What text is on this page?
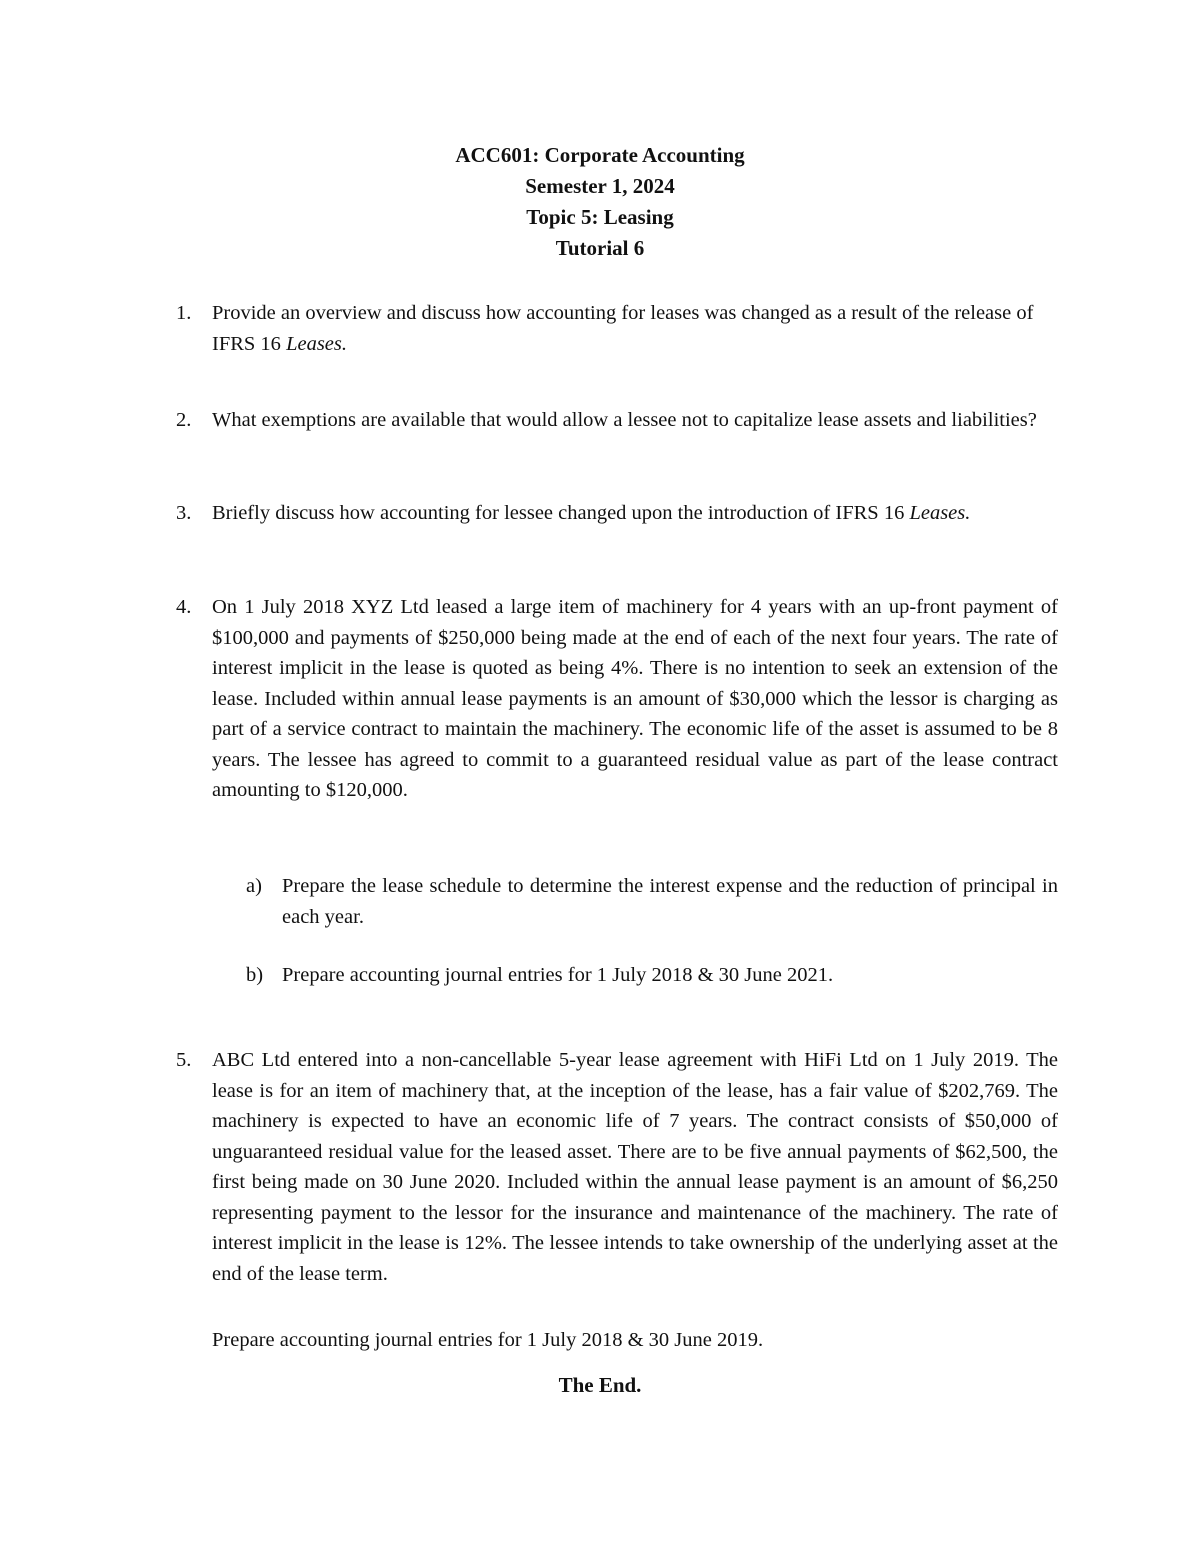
ACC601: Corporate Accounting
Semester 1, 2024
Topic 5: Leasing
Tutorial 6
1.	Provide an overview and discuss how accounting for leases was changed as a result of the release of IFRS 16 Leases.
2.	What exemptions are available that would allow a lessee not to capitalize lease assets and liabilities?
3.	Briefly discuss how accounting for lessee changed upon the introduction of IFRS 16 Leases.
4.	On 1 July 2018 XYZ Ltd leased a large item of machinery for 4 years with an up-front payment of $100,000 and payments of $250,000 being made at the end of each of the next four years. The rate of interest implicit in the lease is quoted as being 4%. There is no intention to seek an extension of the lease. Included within annual lease payments is an amount of $30,000 which the lessor is charging as part of a service contract to maintain the machinery. The economic life of the asset is assumed to be 8 years. The lessee has agreed to commit to a guaranteed residual value as part of the lease contract amounting to $120,000.
a) Prepare the lease schedule to determine the interest expense and the reduction of principal in each year.
b) Prepare accounting journal entries for 1 July 2018 & 30 June 2021.
5.	ABC Ltd entered into a non-cancellable 5-year lease agreement with HiFi Ltd on 1 July 2019. The lease is for an item of machinery that, at the inception of the lease, has a fair value of $202,769. The machinery is expected to have an economic life of 7 years. The contract consists of $50,000 of unguaranteed residual value for the leased asset. There are to be five annual payments of $62,500, the first being made on 30 June 2020. Included within the annual lease payment is an amount of $6,250 representing payment to the lessor for the insurance and maintenance of the machinery. The rate of interest implicit in the lease is 12%. The lessee intends to take ownership of the underlying asset at the end of the lease term.
Prepare accounting journal entries for 1 July 2018 & 30 June 2019.
The End.
